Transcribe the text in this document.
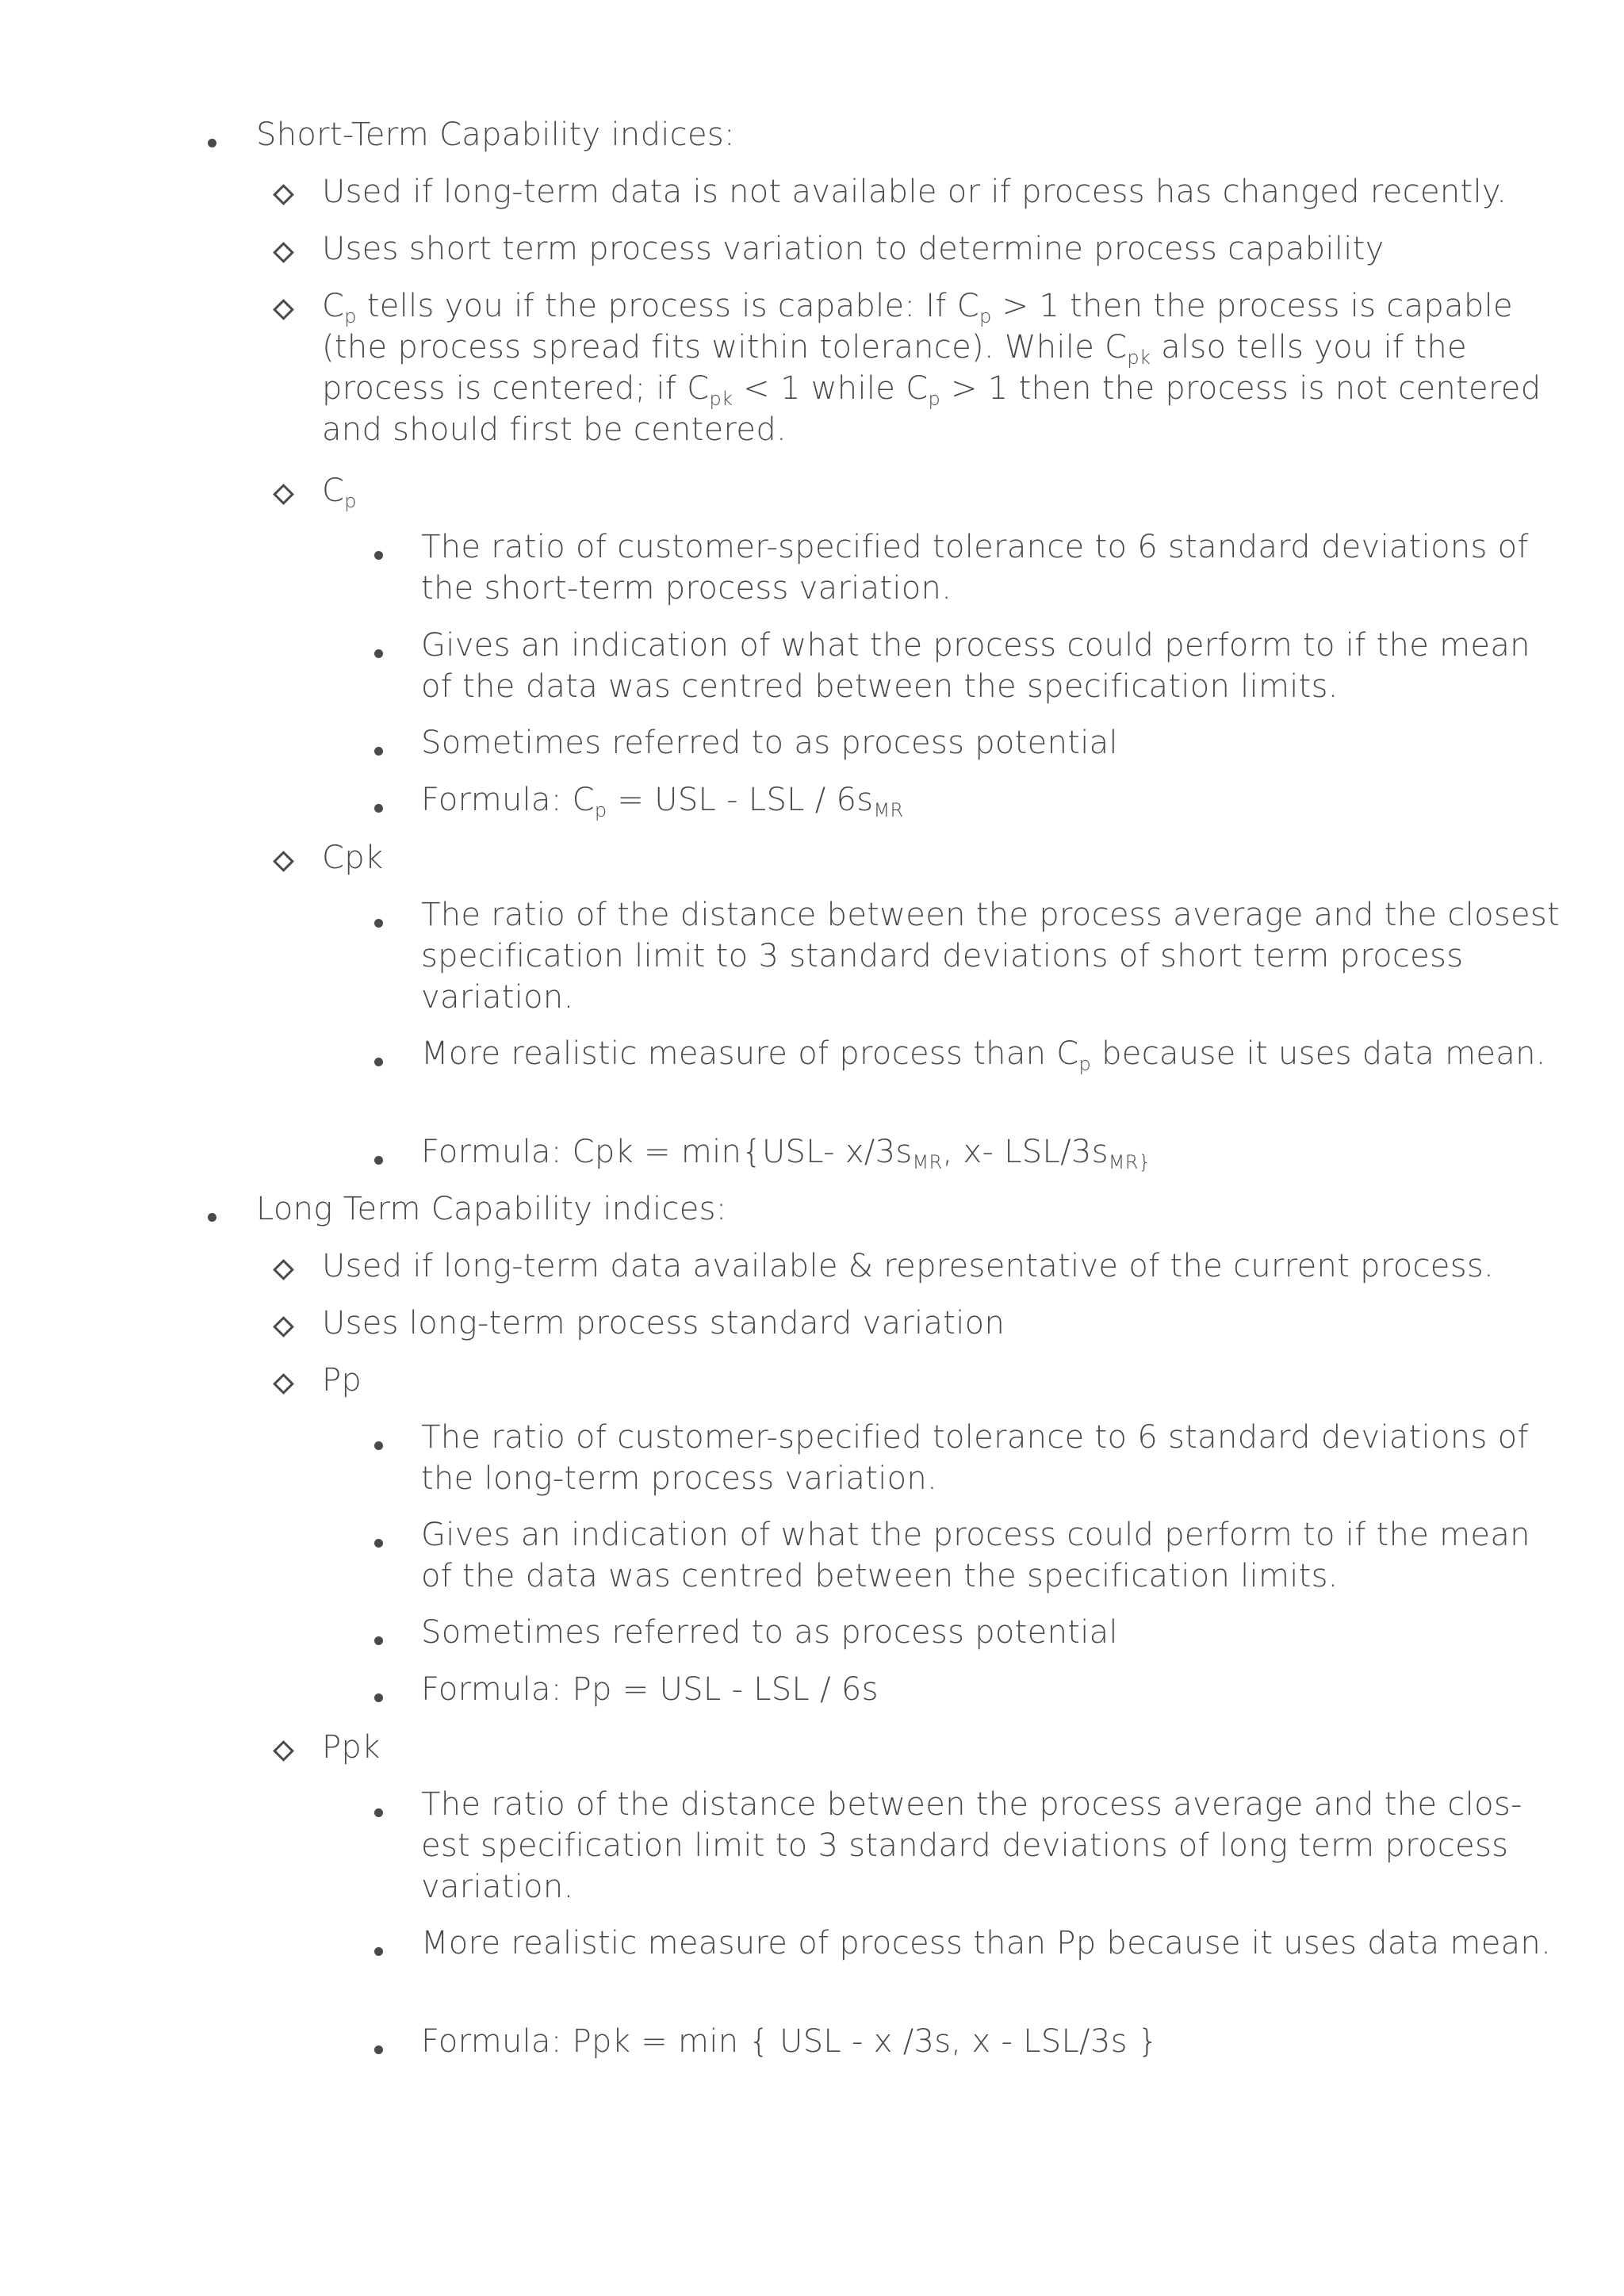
Short-Term Capability indices:
Used if long-term data is not available or if process has changed recently.
Uses short term process variation to determine process capability
$C_p$ tells you if the process is capable: If $C_p > 1$ then the process is capable (the process spread fits within tolerance). While $C_{pk}$ also tells you if the process is centered; if $C_{pk} < 1$ while $C_p > 1$ then the process is not centered and should first be centered.
$C_p$
The ratio of customer-specified tolerance to 6 standard deviations of the short-term process variation.
Gives an indication of what the process could perform to if the mean of the data was centred between the specification limits.
Sometimes referred to as process potential
Formula: $C_p$ = USL - LSL / $6s_{MR}$
Cpk
The ratio of the distance between the process average and the closest specification limit to 3 standard deviations of short term process variation.
More realistic measure of process than $C_p$ because it uses data mean.
Formula: Cpk = min{USL- $x/3s_{MR}$, x- LSL/$3s_{MR\}}$
Long Term Capability indices:
Used if long-term data available & representative of the current process.
Uses long-term process standard variation
Pp
The ratio of customer-specified tolerance to 6 standard deviations of the long-term process variation.
Gives an indication of what the process could perform to if the mean of the data was centred between the specification limits.
Sometimes referred to as process potential
Formula: Pp = USL - LSL / 6s
Ppk
The ratio of the distance between the process average and the clos-est specification limit to 3 standard deviations of long term process variation.
More realistic measure of process than Pp because it uses data mean.
Formula: Ppk = min { USL - x /3s, x - LSL/3s }
